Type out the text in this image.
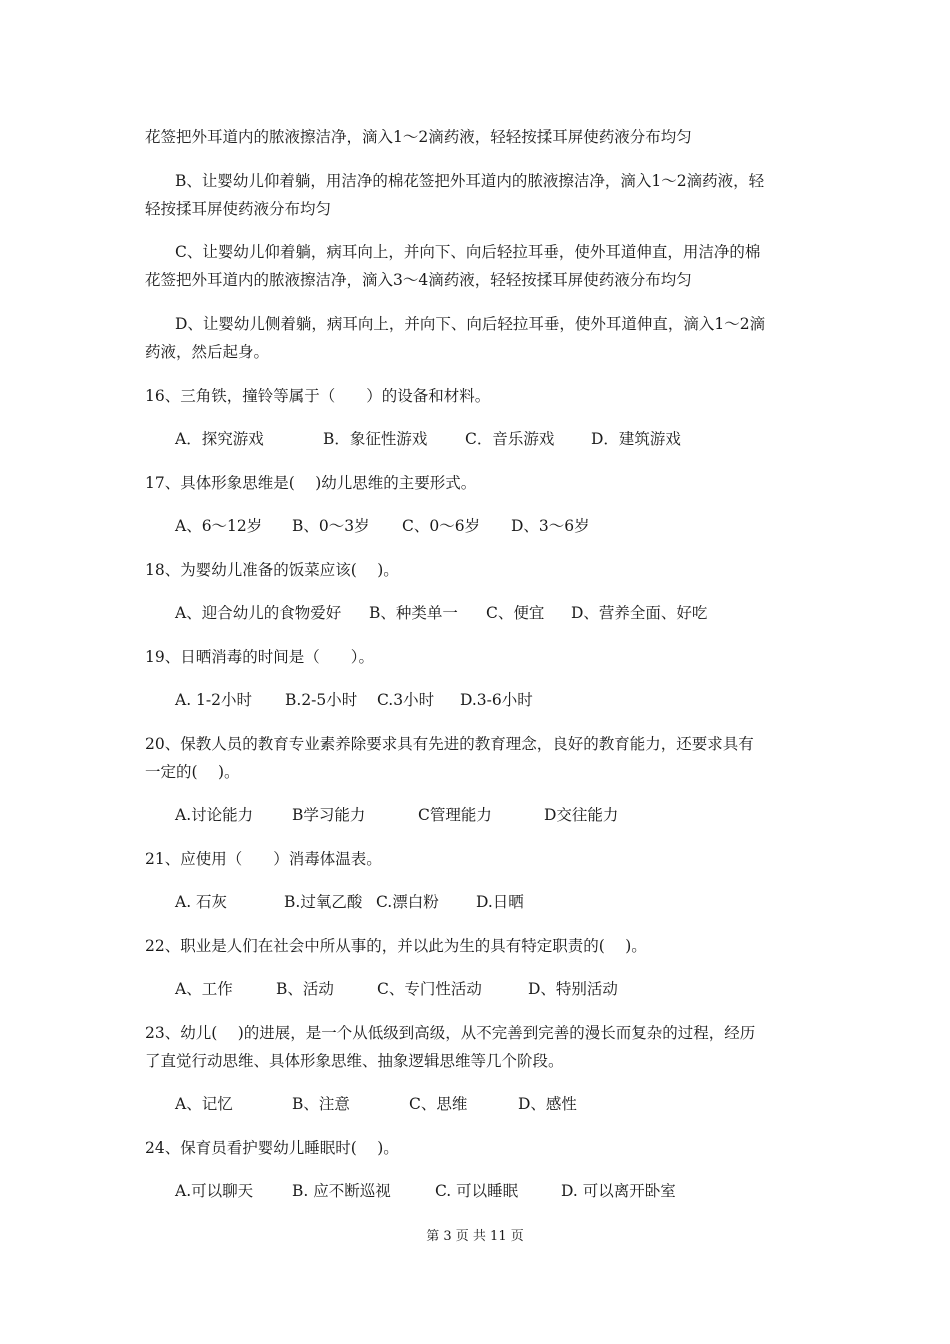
花签把外耳道内的脓液擦洁净，滴入1～2滴药液，轻轻按揉耳屏使药液分布均匀
B、让婴幼儿仰着躺，用洁净的棉花签把外耳道内的脓液擦洁净，滴入1～2滴药液，轻
轻按揉耳屏使药液分布均匀
C、让婴幼儿仰着躺，病耳向上，并向下、向后轻拉耳垂，使外耳道伸直，用洁净的棉
花签把外耳道内的脓液擦洁净，滴入3～4滴药液，轻轻按揉耳屏使药液分布均匀
D、让婴幼儿侧着躺，病耳向上，并向下、向后轻拉耳垂，使外耳道伸直，滴入1～2滴
药液，然后起身。
16、三角铁，撞铃等属于（　　）的设备和材料。
A．探究游戏	B．象征性游戏 C．音乐游戏 D．建筑游戏
17、具体形象思维是(　 )幼儿思维的主要形式。
A、6～12岁 B、0～3岁 C、0～6岁 D、3～6岁
18、为婴幼儿准备的饭菜应该(　 )。
A、迎合幼儿的食物爱好 B、种类单一 C、便宜 D、营养全面、好吃
19、日晒消毒的时间是（　　）。
A. 1-2小时 B.2-5小时 C.3小时 D.3-6小时
20、保教人员的教育专业素养除要求具有先进的教育理念，良好的教育能力，还要求具有
一定的(　 )。
A.讨论能力	B学习能力	C管理能力	D交往能力
21、应使用（　　）消毒体温表。
A. 石灰	B.过氧乙酸 C.漂白粉 D.日晒
22、职业是人们在社会中所从事的，并以此为生的具有特定职责的(　 )。
A、工作	B、活动	C、专门性活动	D、特别活动
23、幼儿(　 )的进展，是一个从低级到高级，从不完善到完善的漫长而复杂的过程，经历
了直觉行动思维、具体形象思维、抽象逻辑思维等几个阶段。
A、记忆	B、注意	C、思维	D、感性
24、保育员看护婴幼儿睡眠时(　 )。
A.可以聊天	B. 应不断巡视	C. 可以睡眠	D. 可以离开卧室
第 3 页 共 11 页
